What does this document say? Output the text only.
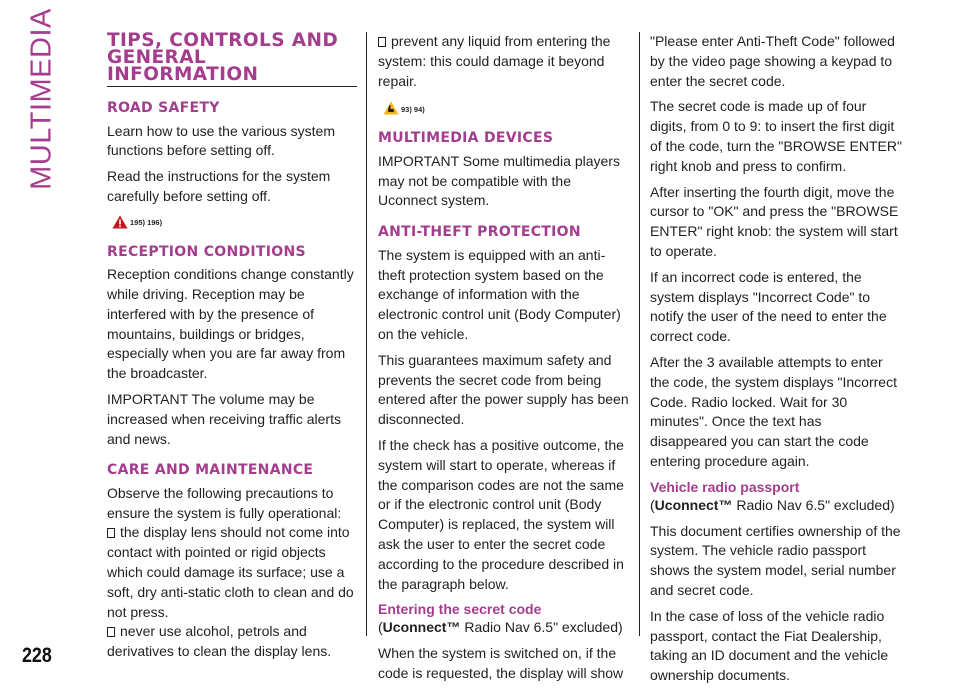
MULTIMEDIA
228
TIPS, CONTROLS AND GENERAL INFORMATION
ROAD SAFETY

Learn how to use the various system functions before setting off.

Read the instructions for the system carefully before setting off.

195) 196)
RECEPTION CONDITIONS

Reception conditions change constantly while driving. Reception may be interfered with by the presence of mountains, buildings or bridges, especially when you are far away from the broadcaster.

IMPORTANT The volume may be increased when receiving traffic alerts and news.

CARE AND MAINTENANCE

Observe the following precautions to ensure the system is fully operational:

the display lens should not come into contact with pointed or rigid objects which could damage its surface; use a soft, dry anti-static cloth to clean and do not press.
never use alcohol, petrols and derivatives to clean the display lens.
prevent any liquid from entering the system: this could damage it beyond repair.
93) 94)
MULTIMEDIA DEVICES

IMPORTANT Some multimedia players may not be compatible with the Uconnect system.

ANTI-THEFT PROTECTION

The system is equipped with an anti-theft protection system based on the exchange of information with the electronic control unit (Body Computer) on the vehicle.

This guarantees maximum safety and prevents the secret code from being entered after the power supply has been disconnected.

If the check has a positive outcome, the system will start to operate, whereas if the comparison codes are not the same or if the electronic control unit (Body Computer) is replaced, the system will ask the user to enter the secret code according to the procedure described in the paragraph below.

Entering the secret code

(Uconnect™ Radio Nav 6.5" excluded)

When the system is switched on, if the code is requested, the display will show

"Please enter Anti-Theft Code" followed by the video page showing a keypad to enter the secret code.

The secret code is made up of four digits, from 0 to 9: to insert the first digit of the code, turn the "BROWSE ENTER" right knob and press to confirm.

After inserting the fourth digit, move the cursor to "OK" and press the "BROWSE ENTER" right knob: the system will start to operate.

If an incorrect code is entered, the system displays "Incorrect Code" to notify the user of the need to enter the correct code.

After the 3 available attempts to enter the code, the system displays "Incorrect Code. Radio locked. Wait for 30 minutes". Once the text has disappeared you can start the code entering procedure again.

Vehicle radio passport

(Uconnect™ Radio Nav 6.5" excluded)

This document certifies ownership of the system. The vehicle radio passport shows the system model, serial number and secret code.

In the case of loss of the vehicle radio passport, contact the Fiat Dealership, taking an ID document and the vehicle ownership documents.
